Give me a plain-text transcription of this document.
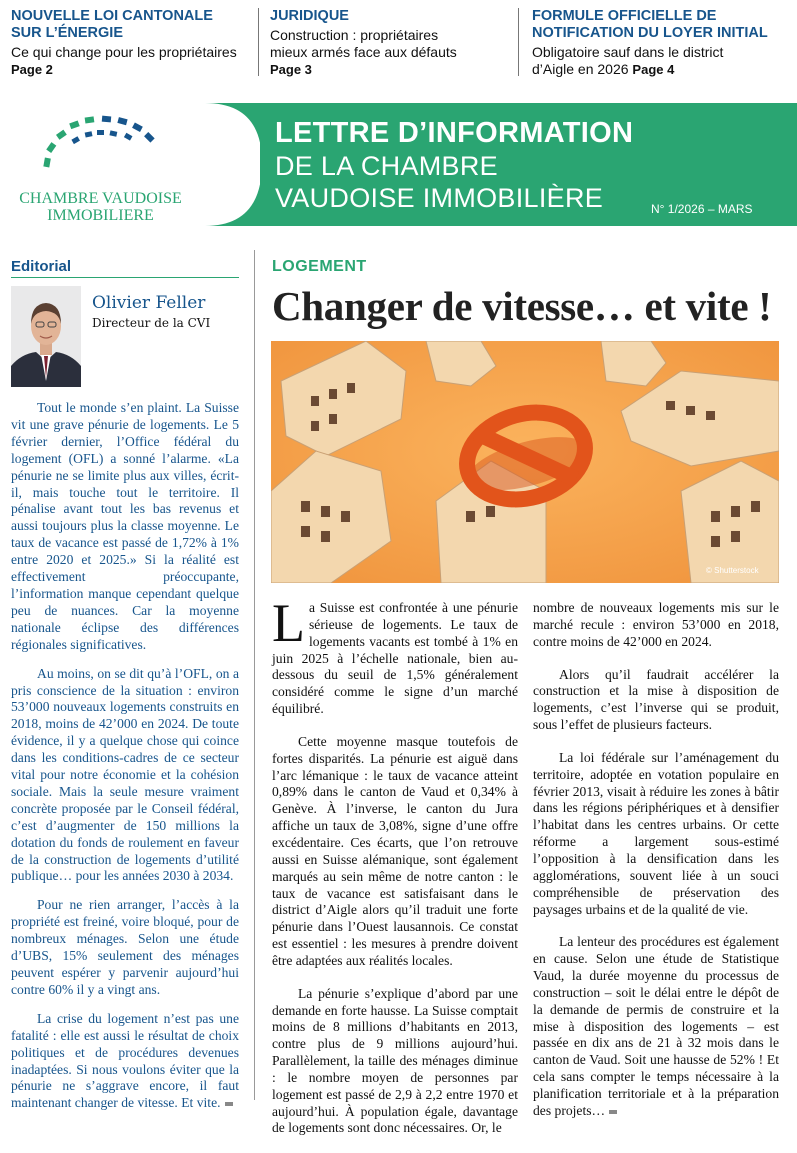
NOUVELLE LOI CANTONALE
SUR L’ÉNERGIE

Ce qui change pour les propriétaires
Page 2

JURIDIQUE

Construction : propriétaires
mieux armés face aux défauts
Page 3

FORMULE OFFICIELLE DE
NOTIFICATION DU LOYER INITIAL

Obligatoire sauf dans le district
d’Aigle en 2026 Page 4

CHAMBRE VAUDOISE
IMMOBILIERE
LETTRE D’INFORMATION
DE LA CHAMBRE
VAUDOISE IMMOBILIÈRE	N° 1/2026 – MARS
Editorial
Olivier Feller
Directeur de la CVI

Tout le monde s’en plaint. La Suisse vit une grave pénurie de logements. Le 5 février dernier, l’Office fédéral du logement (OFL) a sonné l’alarme. «La pénurie ne se limite plus aux villes, écrit-il, mais touche tout le territoire. Il pénalise avant tout les bas revenus et aussi toujours plus la classe moyenne. Le taux de vacance est passé de 1,72% à 1% entre 2020 et 2025.» Si la réalité est effectivement préoccupante, l’information manque cependant quelque peu de nuances. Car la moyenne nationale éclipse des différences régionales significatives.

Au moins, on se dit qu’à l’OFL, on a pris conscience de la situation : environ 53’000 nouveaux logements construits en 2018, moins de 42’000 en 2024. De toute évidence, il y a quelque chose qui coince dans les conditions-cadres de ce secteur vital pour notre économie et la cohésion sociale. Mais la seule mesure vraiment concrète proposée par le Conseil fédéral, c’est d’augmenter de 150 millions la dotation du fonds de roulement en faveur de la construction de logements d’utilité publique… pour les années 2030 à 2034.

Pour ne rien arranger, l’accès à la propriété est freiné, voire bloqué, pour de nombreux ménages. Selon une étude d’UBS, 15% seulement des ménages peuvent espérer y parvenir aujourd’hui contre 60% il y a vingt ans.

La crise du logement n’est pas une fatalité : elle est aussi le résultat de choix politiques et de procédures devenues inadaptées. Si nous voulons éviter que la pénurie ne s’aggrave encore, il faut maintenant changer de vitesse. Et vite.

LOGEMENT
Changer de vitesse… et vite !
© Shutterstock

La Suisse est confrontée à une pénurie sérieuse de logements. Le taux de logements vacants est tombé à 1% en juin 2025 à l’échelle nationale, bien au-dessous du seuil de 1,5% généralement considéré comme le signe d’un marché équilibré.

Cette moyenne masque toutefois de fortes disparités. La pénurie est aiguë dans l’arc lémanique : le taux de vacance atteint 0,89% dans le canton de Vaud et 0,34% à Genève. À l’inverse, le canton du Jura affiche un taux de 3,08%, signe d’une offre excédentaire. Ces écarts, que l’on retrouve aussi en Suisse alémanique, sont également marqués au sein même de notre canton : le taux de vacance est satisfaisant dans le district d’Aigle alors qu’il traduit une forte pénurie dans l’Ouest lausannois. Ce constat est essentiel : les mesures à prendre doivent être adaptées aux réalités locales.

La pénurie s’explique d’abord par une demande en forte hausse. La Suisse comptait moins de 8 millions d’habitants en 2013, contre plus de 9 millions aujourd’hui. Parallèlement, la taille des ménages diminue : le nombre moyen de personnes par logement est passé de 2,9 à 2,2 entre 1970 et aujourd’hui. À population égale, davantage de logements sont donc nécessaires. Or, le

nombre de nouveaux logements mis sur le marché recule : environ 53’000 en 2018, contre moins de 42’000 en 2024.

Alors qu’il faudrait accélérer la construction et la mise à disposition de logements, c’est l’inverse qui se produit, sous l’effet de plusieurs facteurs.

La loi fédérale sur l’aménagement du territoire, adoptée en votation populaire en février 2013, visait à réduire les zones à bâtir dans les régions périphériques et à densifier l’habitat dans les centres urbains. Or cette réforme a largement sous-estimé l’opposition à la densification dans les agglomérations, souvent liée à un souci compréhensible de préservation des paysages urbains et de la qualité de vie.

La lenteur des procédures est également en cause. Selon une étude de Statistique Vaud, la durée moyenne du processus de construction – soit le délai entre le dépôt de la demande de permis de construire et la mise à disposition des logements – est passée en dix ans de 21 à 32 mois dans le canton de Vaud. Soit une hausse de 52% ! Et cela sans compter le temps nécessaire à la planification territoriale et à la préparation des projets…
